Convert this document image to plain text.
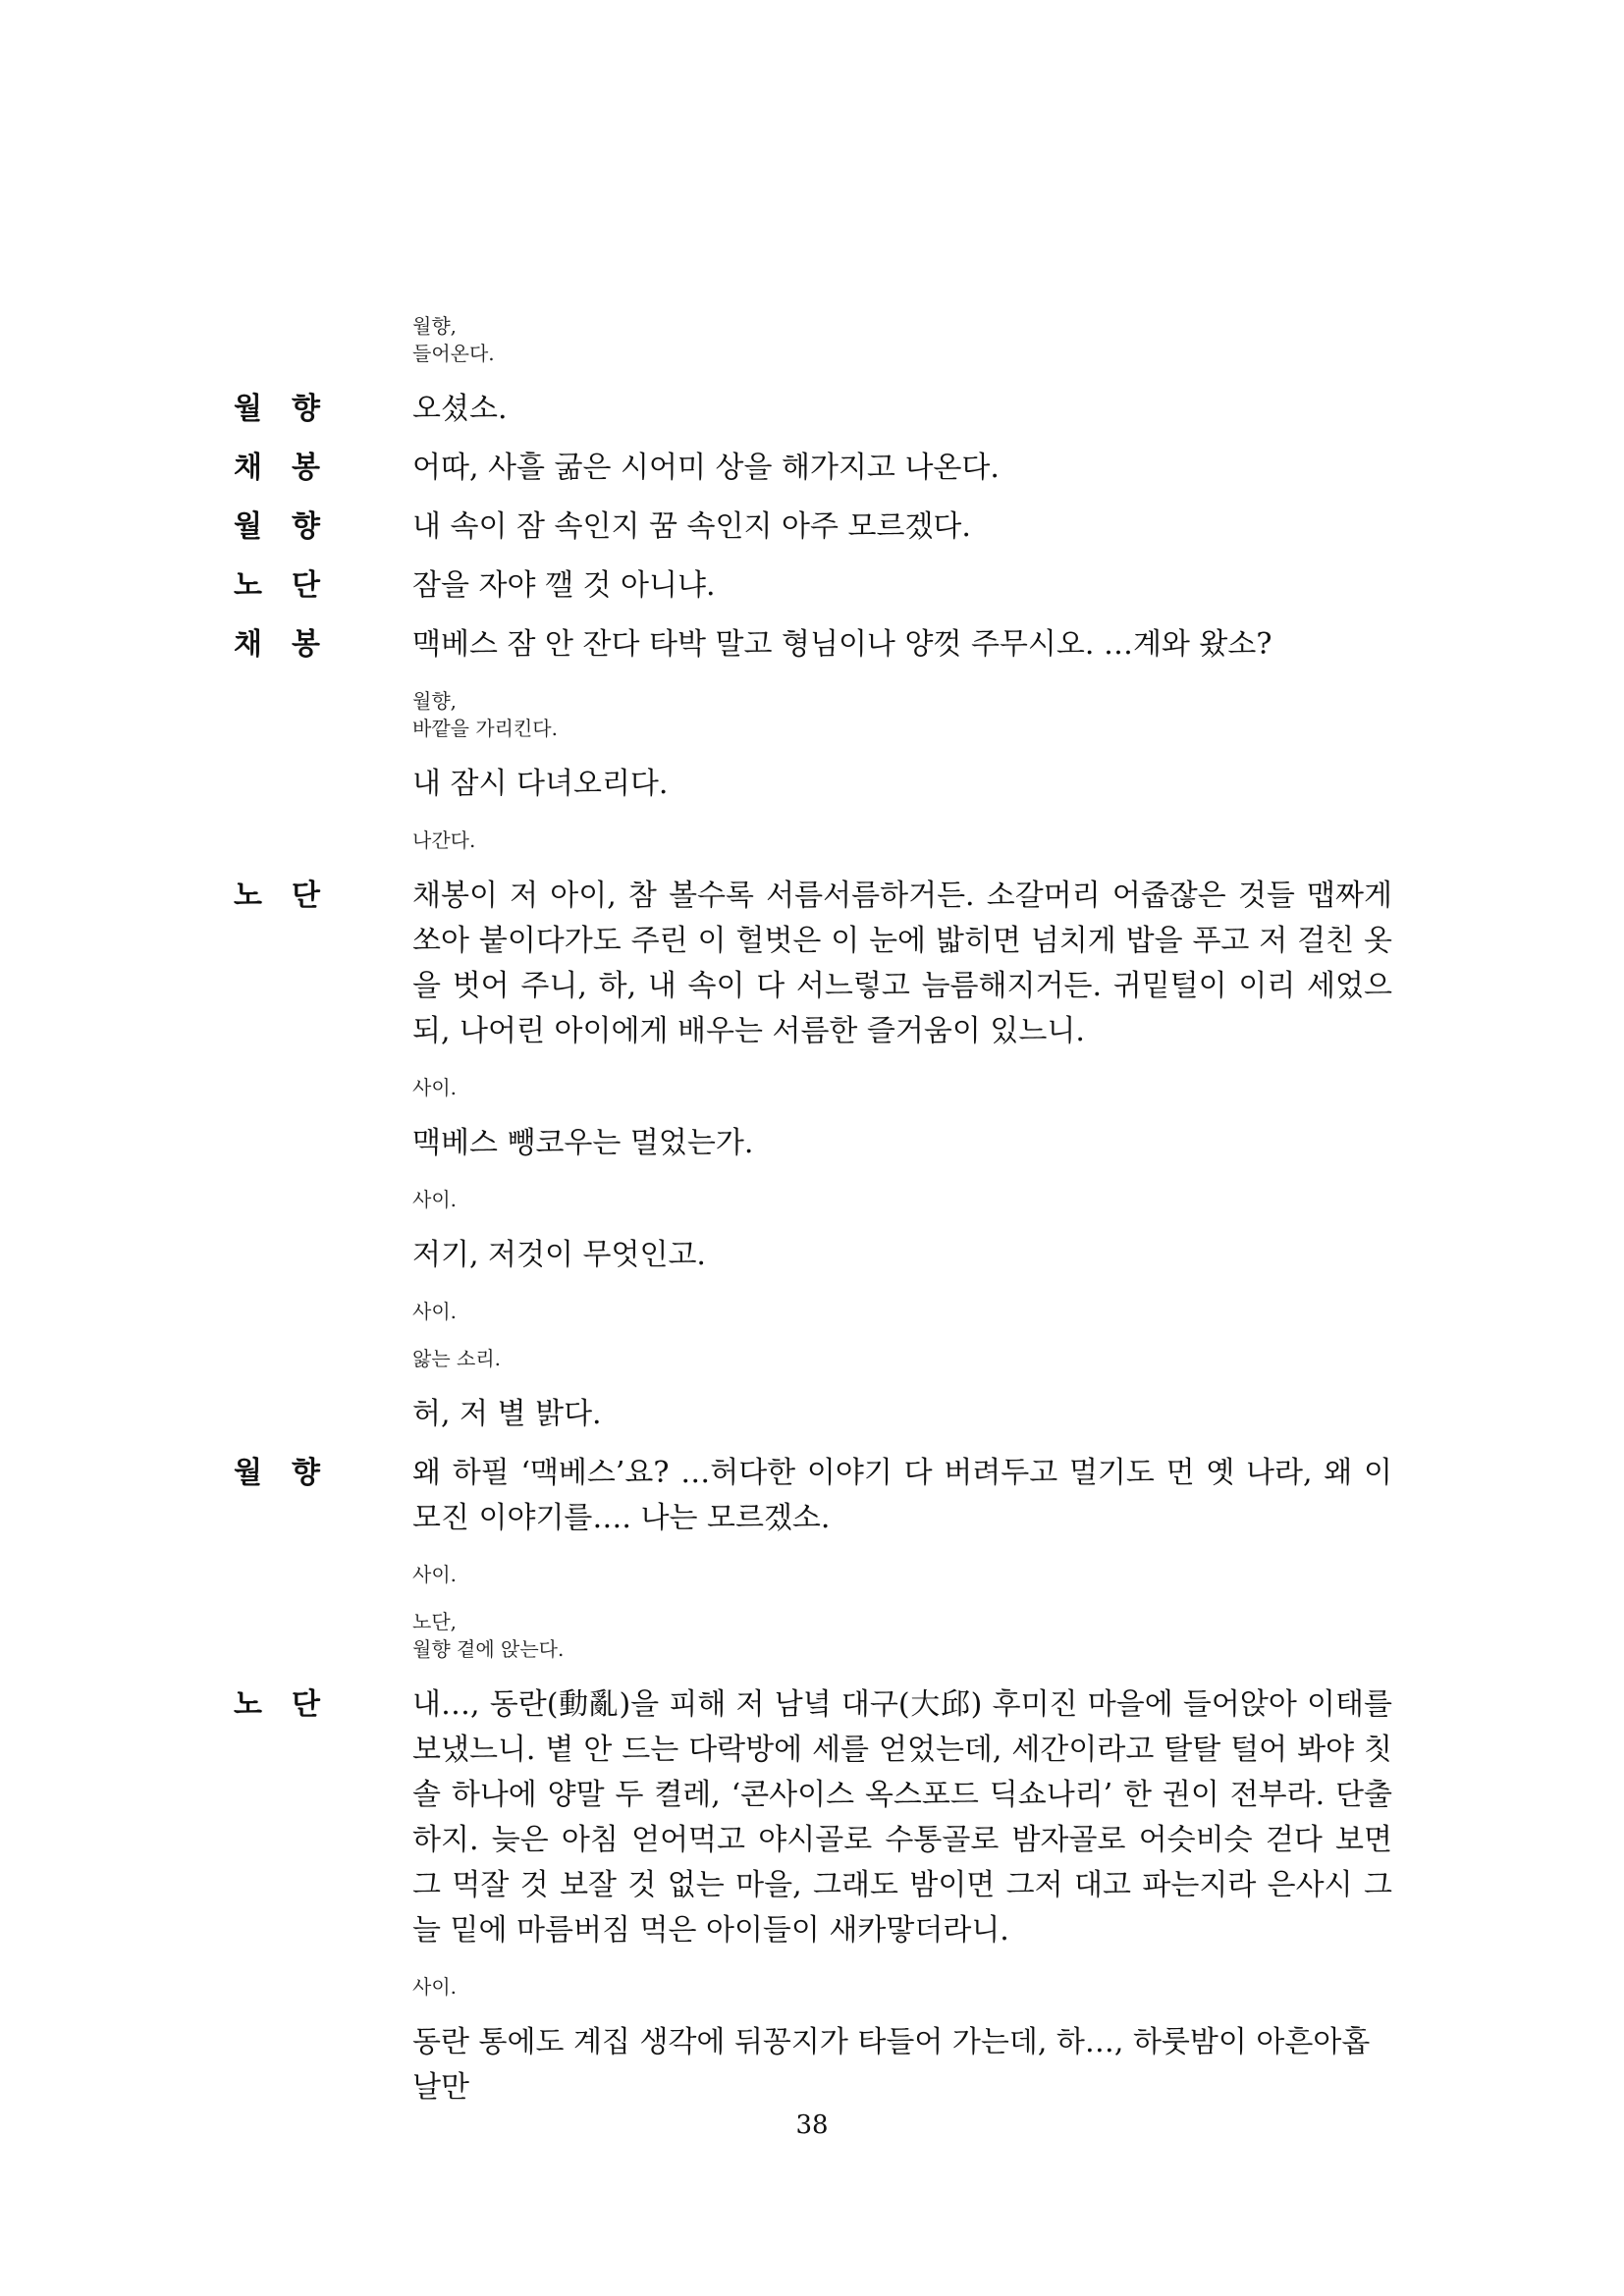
월향,
들어온다.
월향	오셨소.
채봉	어따, 사흘 굶은 시어미 상을 해가지고 나온다.
월향	내 속이 잠 속인지 꿈 속인지 아주 모르겠다.
노단	잠을 자야 깰 것 아니냐.
채봉	맥베스 잠 안 잔다 타박 말고 형님이나 양껏 주무시오. …계와 왔소?
월향,
바깥을 가리킨다.
내 잠시 다녀오리다.
나간다.
노단	채봉이 저 아이, 참 볼수록 서름서름하거든. 소갈머리 어줍잖은 것들 맵짜게 쏘아 붙이다가도 주린 이 헐벗은 이 눈에 밟히면 넘치게 밥을 푸고 저 걸친 옷을 벗어 주니, 하, 내 속이 다 서느렇고 늠름해지거든. 귀밑털이 이리 세었으되, 나어린 아이에게 배우는 서름한 즐거움이 있느니.
사이.
맥베스 뺑코우는 멀었는가.
사이.
저기, 저것이 무엇인고.
사이.
앓는 소리.
허, 저 별 밝다.
월향	왜 하필 ‘맥베스’요? …허다한 이야기 다 버려두고 멀기도 먼 옛 나라, 왜 이 모진 이야기를…. 나는 모르겠소.
사이.
노단,
월향 곁에 앉는다.
노단	내…, 동란(動亂)을 피해 저 남녘 대구(大邱) 후미진 마을에 들어앉아 이태를 보냈느니. 볕 안 드는 다락방에 세를 얻었는데, 세간이라고 탈탈 털어 봐야 칫솔 하나에 양말 두 켤레, ‘콘사이스 옥스포드 딕쇼나리’ 한 권이 전부라. 단출하지. 늦은 아침 얻어먹고 야시골로 수통골로 밤자골로 어슷비슷 걷다 보면 그 먹잘 것 보잘 것 없는 마을, 그래도 밤이면 그저 대고 파는지라 은사시 그늘 밑에 마름버짐 먹은 아이들이 새카맣더라니.
사이.
동란 통에도 계집 생각에 뒤꽁지가 타들어 가는데, 하…, 하룻밤이 아흔아홉 날만
38
